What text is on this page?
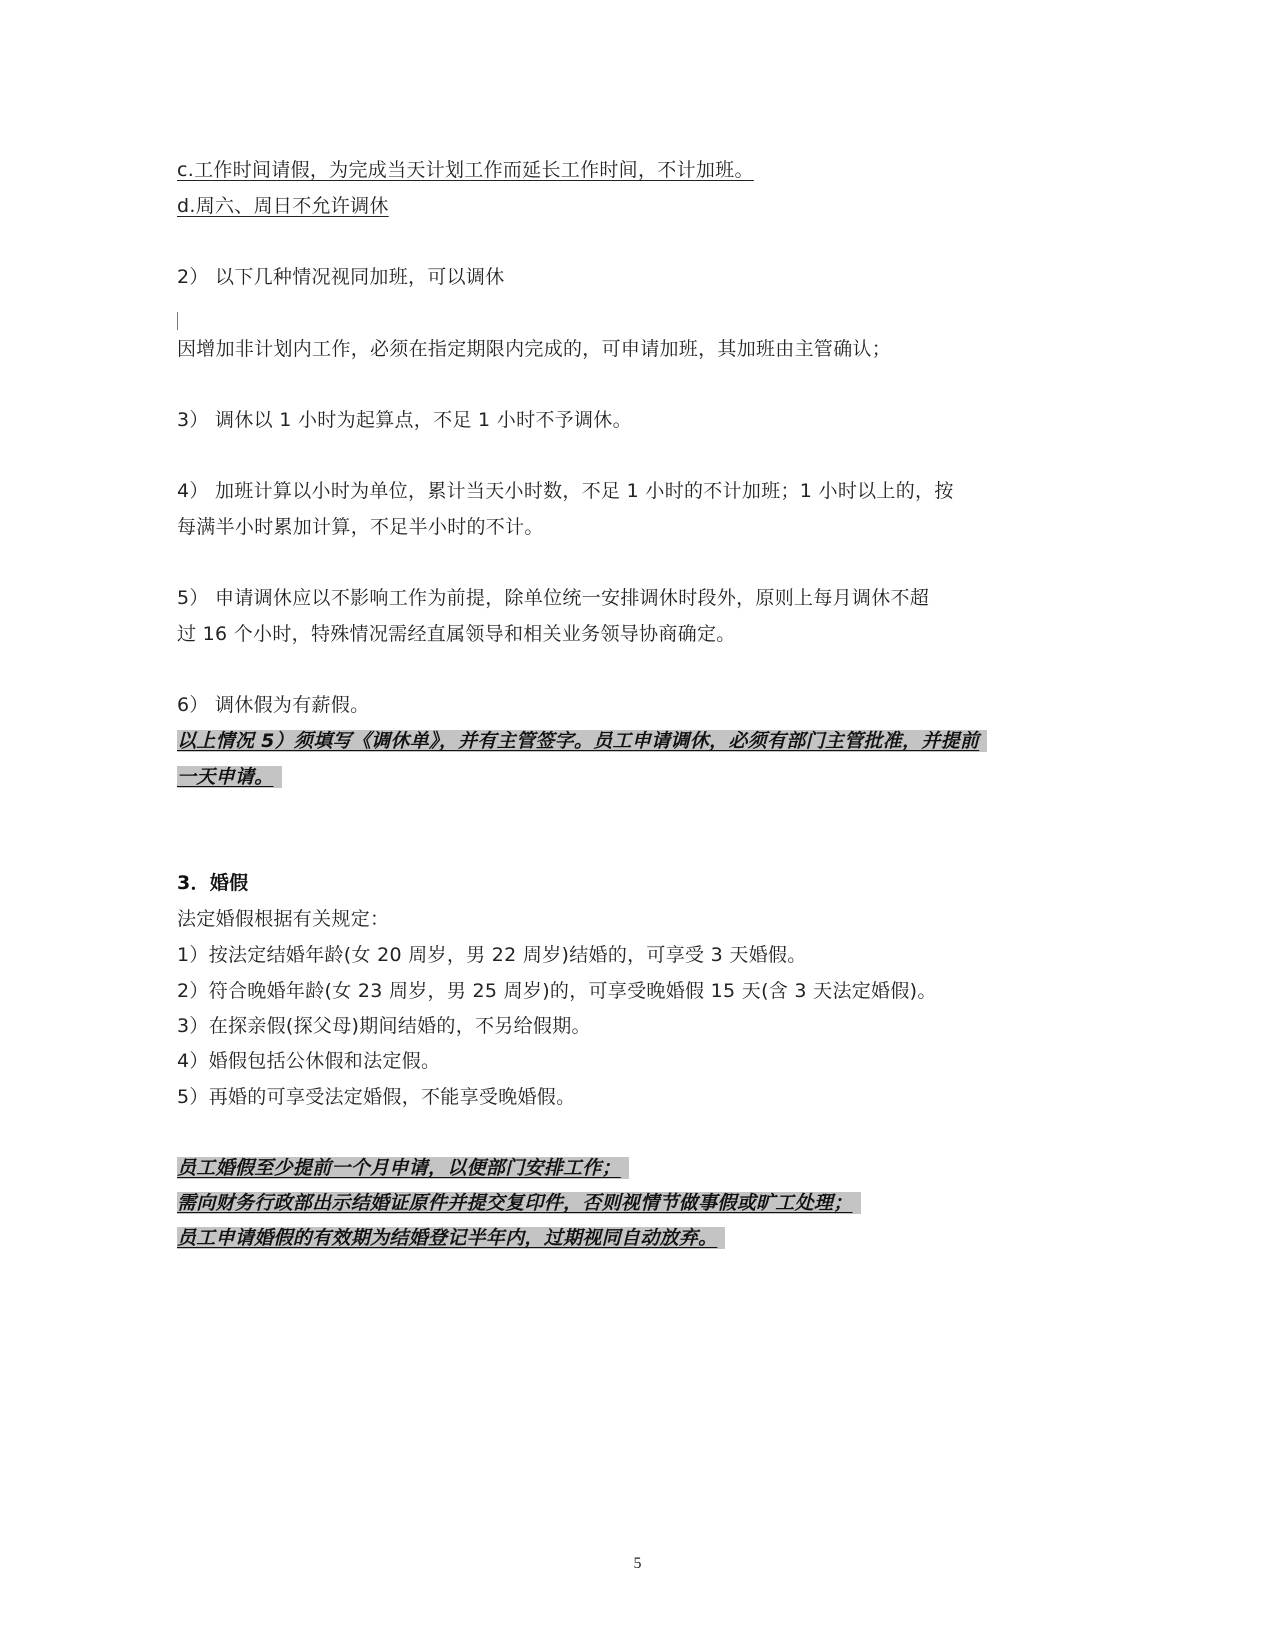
c.工作时间请假，为完成当天计划工作而延长工作时间，不计加班。
d.周六、周日不允许调休
2） 以下几种情况视同加班，可以调休
因增加非计划内工作，必须在指定期限内完成的，可申请加班，其加班由主管确认；
3） 调休以 1 小时为起算点，不足 1 小时不予调休。
4） 加班计算以小时为单位，累计当天小时数，不足 1 小时的不计加班；1 小时以上的，按
每满半小时累加计算，不足半小时的不计。
5） 申请调休应以不影响工作为前提，除单位统一安排调休时段外，原则上每月调休不超
过 16 个小时，特殊情况需经直属领导和相关业务领导协商确定。
6） 调休假为有薪假。
以上情况 5）须填写《调休单》，并有主管签字。员工申请调休，必须有部门主管批准，并提前
一天申请。
3．婚假
法定婚假根据有关规定：
1）按法定结婚年龄(女 20 周岁，男 22 周岁)结婚的，可享受 3 天婚假。
2）符合晚婚年龄(女 23 周岁，男 25 周岁)的，可享受晚婚假 15 天(含 3 天法定婚假)。
3）在探亲假(探父母)期间结婚的，不另给假期。
4）婚假包括公休假和法定假。
5）再婚的可享受法定婚假，不能享受晚婚假。
员工婚假至少提前一个月申请，以便部门安排工作；
需向财务行政部出示结婚证原件并提交复印件，否则视情节做事假或旷工处理；
员工申请婚假的有效期为结婚登记半年内，过期视同自动放弃。
5
